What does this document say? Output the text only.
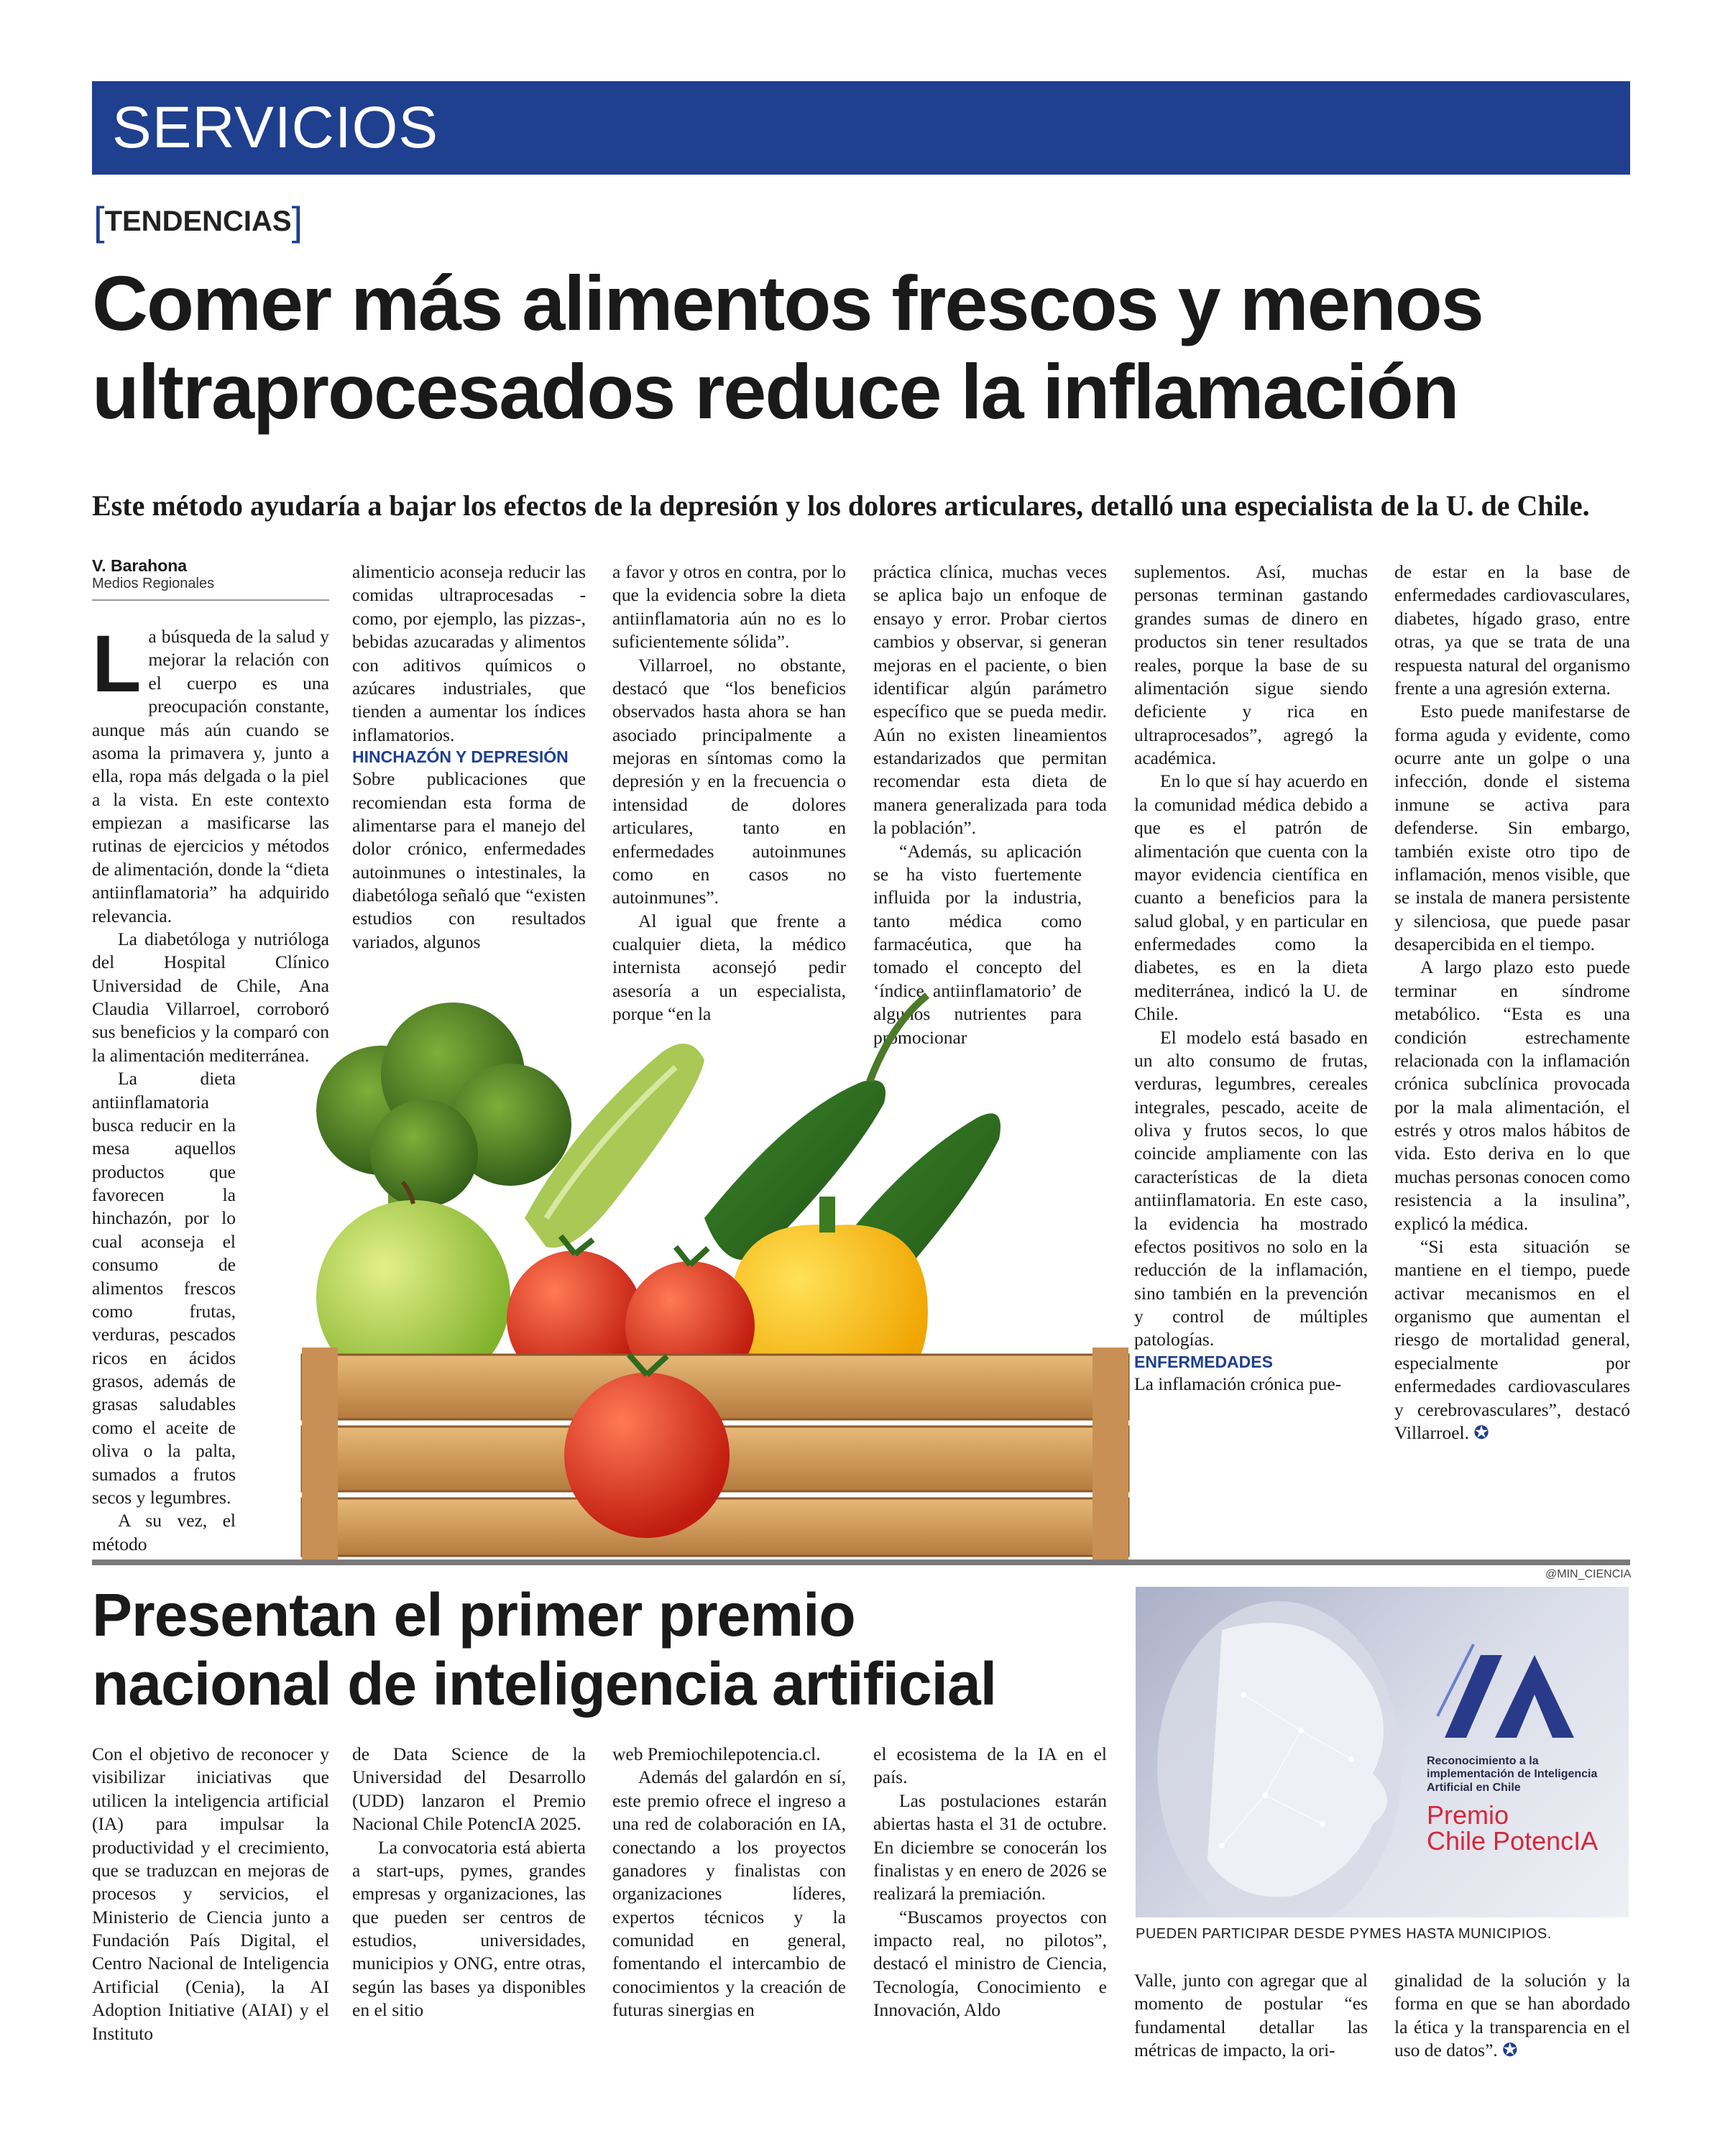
SERVICIOS
[TENDENCIAS]
Comer más alimentos frescos y menos
ultraprocesados reduce la inflamación

Este método ayudaría a bajar los efectos de la depresión y los dolores articulares, detalló una especialista de la U. de Chile.

V. Barahona
Medios Regionales

La búsqueda de la salud y mejorar la relación con el cuerpo es una preocupación constante, aunque más aún cuando se asoma la primavera y, junto a ella, ropa más delgada o la piel a la vista. En este contexto empiezan a masificarse las rutinas de ejercicios y métodos de alimentación, donde la “dieta antiinflamatoria” ha adquirido relevancia.

La diabetóloga y nutrióloga del Hospital Clínico Universidad de Chile, Ana Claudia Villarroel, corroboró sus beneficios y la comparó con la alimentación mediterránea.

La dieta antiinflamatoria busca reducir en la mesa aquellos productos que favorecen la hinchazón, por lo cual aconseja el consumo de alimentos frescos como frutas, verduras, pescados ricos en ácidos grasos, además de grasas saludables como el aceite de oliva o la palta, sumados a frutos secos y legumbres.

A su vez, el método

alimenticio aconseja reducir las comidas ultraprocesadas -como, por ejemplo, las pizzas-, bebidas azucaradas y alimentos con aditivos químicos o azúcares industriales, que tienden a aumentar los índices inflamatorios.

HINCHAZÓN Y DEPRESIÓN

Sobre publicaciones que recomiendan esta forma de alimentarse para el manejo del dolor crónico, enfermedades autoinmunes o intestinales, la diabetóloga señaló que “existen estudios con resultados variados, algunos

a favor y otros en contra, por lo que la evidencia sobre la dieta antiinflamatoria aún no es lo suficientemente sólida”.

Villarroel, no obstante, destacó que “los beneficios observados hasta ahora se han asociado principalmente a mejoras en síntomas como la depresión y en la frecuencia o intensidad de dolores articulares, tanto en enfermedades autoinmunes como en casos no autoinmunes”.

Al igual que frente a cualquier dieta, la médico internista aconsejó pedir asesoría a un especialista, porque “en la

práctica clínica, muchas veces se aplica bajo un enfoque de ensayo y error. Probar ciertos cambios y observar, si generan mejoras en el paciente, o bien identificar algún parámetro específico que se pueda medir. Aún no existen lineamientos estandarizados que permitan recomendar esta dieta de manera generalizada para toda la población”.

“Además, su aplicación se ha visto fuertemente influida por la industria, tanto médica como farmacéutica, que ha tomado el concepto del ‘índice antiinflamatorio’ de algunos nutrientes para promocionar

suplementos. Así, muchas personas terminan gastando grandes sumas de dinero en productos sin tener resultados reales, porque la base de su alimentación sigue siendo deficiente y rica en ultraprocesados”, agregó la académica.

En lo que sí hay acuerdo en la comunidad médica debido a que es el patrón de alimentación que cuenta con la mayor evidencia científica en cuanto a beneficios para la salud global, y en particular en enfermedades como la diabetes, es en la dieta mediterránea, indicó la U. de Chile.

El modelo está basado en un alto consumo de frutas, verduras, legumbres, cereales integrales, pescado, aceite de oliva y frutos secos, lo que coincide ampliamente con las características de la dieta antiinflamatoria. En este caso, la evidencia ha mostrado efectos positivos no solo en la reducción de la inflamación, sino también en la prevención y control de múltiples patologías.

ENFERMEDADES

La inflamación crónica pue-

de estar en la base de enfermedades cardiovasculares, diabetes, hígado graso, entre otras, ya que se trata de una respuesta natural del organismo frente a una agresión externa.

Esto puede manifestarse de forma aguda y evidente, como ocurre ante un golpe o una infección, donde el sistema inmune se activa para defenderse. Sin embargo, también existe otro tipo de inflamación, menos visible, que se instala de manera persistente y silenciosa, que puede pasar desapercibida en el tiempo.

A largo plazo esto puede terminar en síndrome metabólico. “Esta es una condición estrechamente relacionada con la inflamación crónica subclínica provocada por la mala alimentación, el estrés y otros malos hábitos de vida. Esto deriva en lo que muchas personas conocen como resistencia a la insulina”, explicó la médica.

“Si esta situación se mantiene en el tiempo, puede activar mecanismos en el organismo que aumentan el riesgo de mortalidad general, especialmente por enfermedades cardiovasculares y cerebrovasculares”, destacó Villarroel. ✪

Presentan el primer premio
nacional de inteligencia artificial
@MIN_CIENCIA
Reconocimiento a la implementación de Inteligencia Artificial en Chile
Premio
Chile PotencIA
PUEDEN PARTICIPAR DESDE PYMES HASTA MUNICIPIOS.

Con el objetivo de reconocer y visibilizar iniciativas que utilicen la inteligencia artificial (IA) para impulsar la productividad y el crecimiento, que se traduzcan en mejoras de procesos y servicios, el Ministerio de Ciencia junto a Fundación País Digital, el Centro Nacional de Inteligencia Artificial (Cenia), la AI Adoption Initiative (AIAI) y el Instituto

de Data Science de la Universidad del Desarrollo (UDD) lanzaron el Premio Nacional Chile PotencIA 2025.

La convocatoria está abierta a start-ups, pymes, grandes empresas y organizaciones, las que pueden ser centros de estudios, universidades, municipios y ONG, entre otras, según las bases ya disponibles en el sitio

web Premiochilepotencia.cl.

Además del galardón en sí, este premio ofrece el ingreso a una red de colaboración en IA, conectando a los proyectos ganadores y finalistas con organizaciones líderes, expertos técnicos y la comunidad en general, fomentando el intercambio de conocimientos y la creación de futuras sinergias en

el ecosistema de la IA en el país.

Las postulaciones estarán abiertas hasta el 31 de octubre. En diciembre se conocerán los finalistas y en enero de 2026 se realizará la premiación.

“Buscamos proyectos con impacto real, no pilotos”, destacó el ministro de Ciencia, Tecnología, Conocimiento e Innovación, Aldo

Valle, junto con agregar que al momento de postular “es fundamental detallar las métricas de impacto, la ori-

ginalidad de la solución y la forma en que se han abordado la ética y la transparencia en el uso de datos”. ✪
